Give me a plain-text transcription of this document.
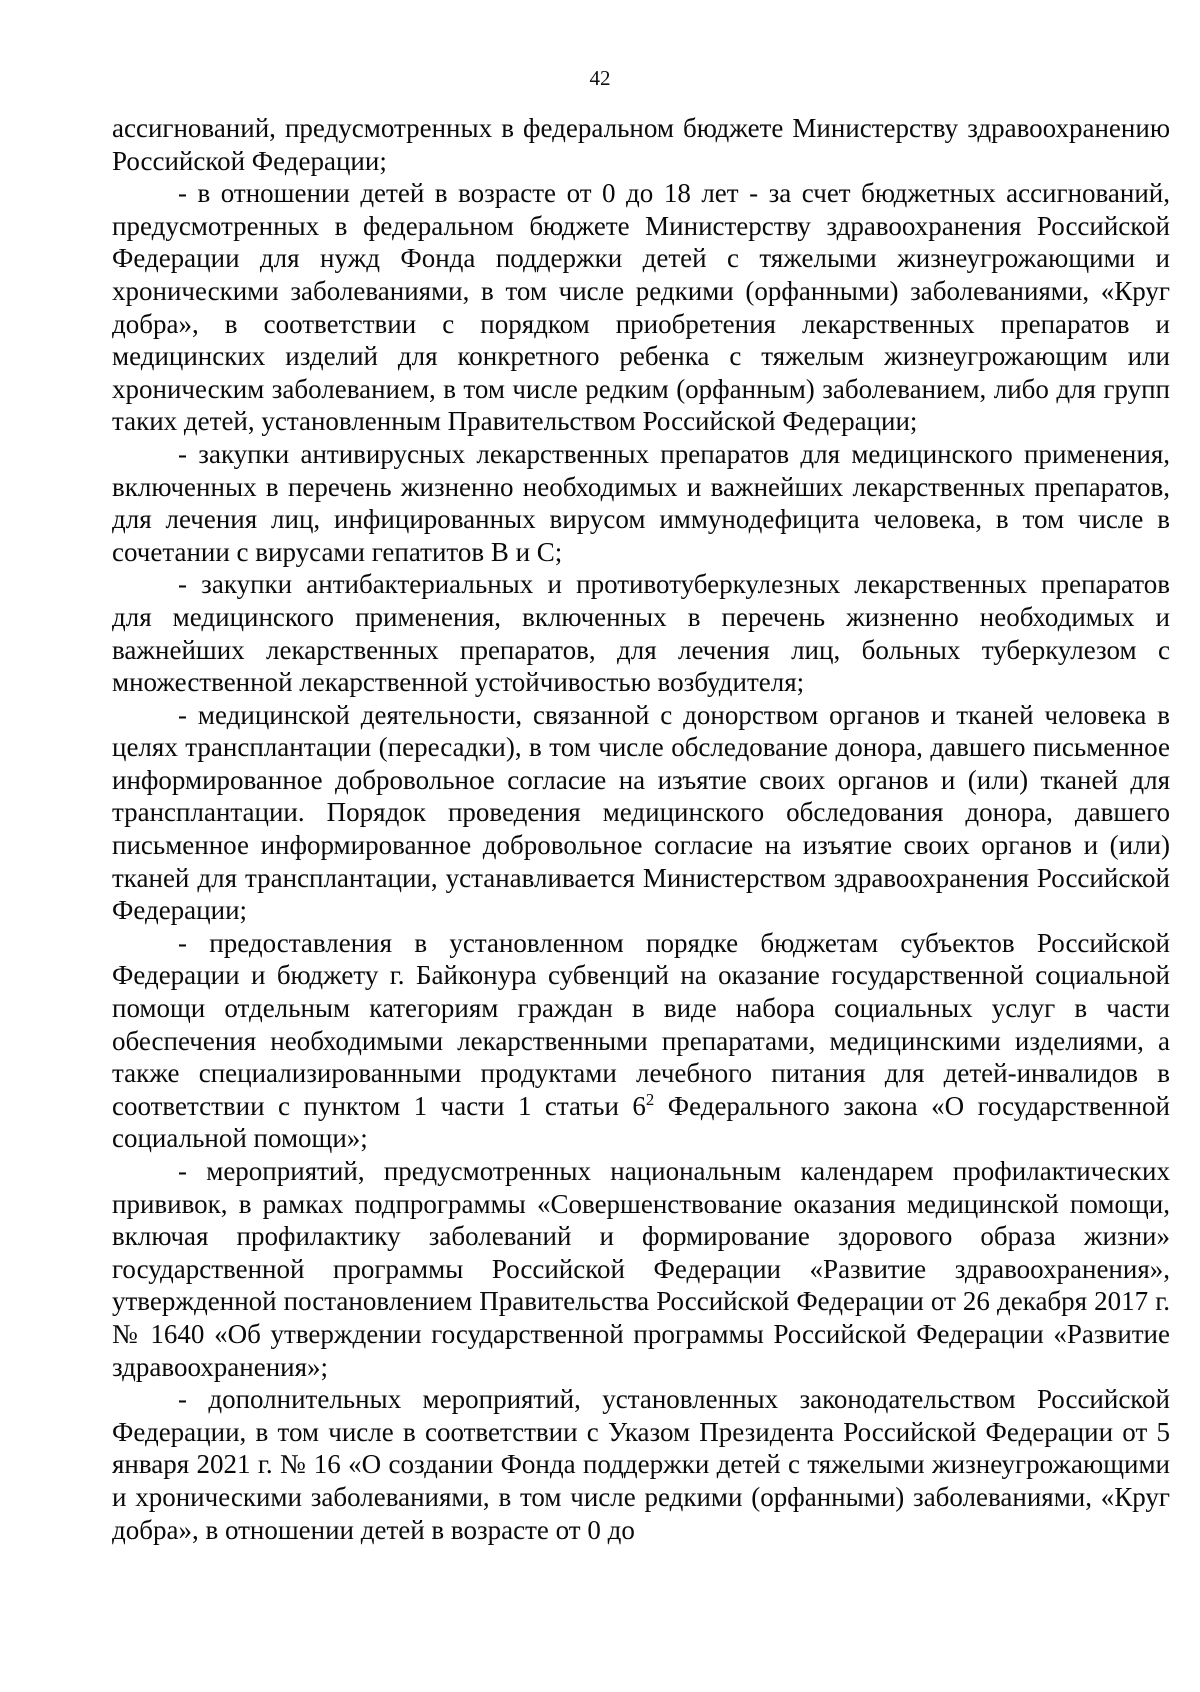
42

ассигнований, предусмотренных в федеральном бюджете Министерству здравоохранению Российской Федерации;

- в отношении детей в возрасте от 0 до 18 лет - за счет бюджетных ассигнований, предусмотренных в федеральном бюджете Министерству здравоохранения Российской Федерации для нужд Фонда поддержки детей с тяжелыми жизнеугрожающими и хроническими заболеваниями, в том числе редкими (орфанными) заболеваниями, «Круг добра», в соответствии с порядком приобретения лекарственных препаратов и медицинских изделий для конкретного ребенка с тяжелым жизнеугрожающим или хроническим заболеванием, в том числе редким (орфанным) заболеванием, либо для групп таких детей, установленным Правительством Российской Федерации;

- закупки антивирусных лекарственных препаратов для медицинского применения, включенных в перечень жизненно необходимых и важнейших лекарственных препаратов, для лечения лиц, инфицированных вирусом иммунодефицита человека, в том числе в сочетании с вирусами гепатитов В и С;

- закупки антибактериальных и противотуберкулезных лекарственных препаратов для медицинского применения, включенных в перечень жизненно необходимых и важнейших лекарственных препаратов, для лечения лиц, больных туберкулезом с множественной лекарственной устойчивостью возбудителя;

- медицинской деятельности, связанной с донорством органов и тканей человека в целях трансплантации (пересадки), в том числе обследование донора, давшего письменное информированное добровольное согласие на изъятие своих органов и (или) тканей для трансплантации. Порядок проведения медицинского обследования донора, давшего письменное информированное добровольное согласие на изъятие своих органов и (или) тканей для трансплантации, устанавливается Министерством здравоохранения Российской Федерации;

- предоставления в установленном порядке бюджетам субъектов Российской Федерации и бюджету г. Байконура субвенций на оказание государственной социальной помощи отдельным категориям граждан в виде набора социальных услуг в части обеспечения необходимыми лекарственными препаратами, медицинскими изделиями, а также специализированными продуктами лечебного питания для детей-инвалидов в соответствии с пунктом 1 части 1 статьи $6^2$ Федерального закона «О государственной социальной помощи»;

- мероприятий, предусмотренных национальным календарем профилактических прививок, в рамках подпрограммы «Совершенствование оказания медицинской помощи, включая профилактику заболеваний и формирование здорового образа жизни» государственной программы Российской Федерации «Развитие здравоохранения», утвержденной постановлением Правительства Российской Федерации от 26 декабря 2017 г. № 1640 «Об утверждении государственной программы Российской Федерации «Развитие здравоохранения»;

- дополнительных мероприятий, установленных законодательством Российской Федерации, в том числе в соответствии с Указом Президента Российской Федерации от 5 января 2021 г. № 16 «О создании Фонда поддержки детей с тяжелыми жизнеугрожающими и хроническими заболеваниями, в том числе редкими (орфанными) заболеваниями, «Круг добра», в отношении детей в возрасте от 0 до
